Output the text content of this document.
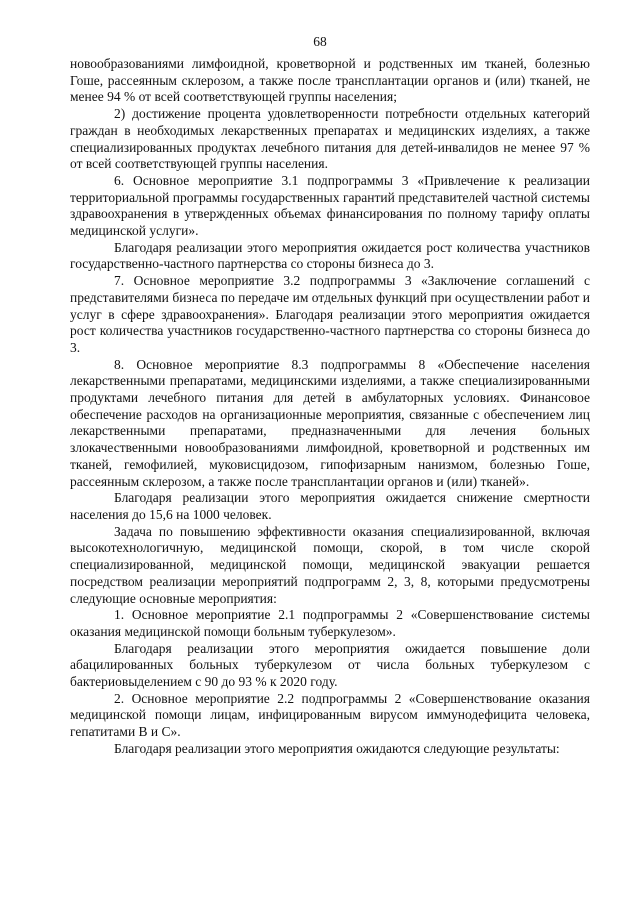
68

новообразованиями лимфоидной, кроветворной и родственных им тканей, болезнью Гоше, рассеянным склерозом, а также после трансплантации органов и (или) тканей, не менее 94 % от всей соответствующей группы населения;

2) достижение процента удовлетворенности потребности отдельных категорий граждан в необходимых лекарственных препаратах и медицинских изделиях, а также специализированных продуктах лечебного питания для детей-инвалидов не менее 97 % от всей соответствующей группы населения.

6. Основное мероприятие 3.1 подпрограммы 3 «Привлечение к реализации территориальной программы государственных гарантий представителей частной системы здравоохранения в утвержденных объемах финансирования по полному тарифу оплаты медицинской услуги».

Благодаря реализации этого мероприятия ожидается рост количества участников государственно-частного партнерства со стороны бизнеса до 3.

7. Основное мероприятие 3.2 подпрограммы 3 «Заключение соглашений с представителями бизнеса по передаче им отдельных функций при осуществлении работ и услуг в сфере здравоохранения». Благодаря реализации этого мероприятия ожидается рост количества участников государственно-частного партнерства со стороны бизнеса до 3.

8. Основное мероприятие 8.3 подпрограммы 8 «Обеспечение населения лекарственными препаратами, медицинскими изделиями, а также специализированными продуктами лечебного питания для детей в амбулаторных условиях. Финансовое обеспечение расходов на организационные мероприятия, связанные с обеспечением лиц лекарственными препаратами, предназначенными для лечения больных злокачественными новообразованиями лимфоидной, кроветворной и родственных им тканей, гемофилией, муковисцидозом, гипофизарным нанизмом, болезнью Гоше, рассеянным склерозом, а также после трансплантации органов и (или) тканей».

Благодаря реализации этого мероприятия ожидается снижение смертности населения до 15,6 на 1000 человек.

Задача по повышению эффективности оказания специализированной, включая высокотехнологичную, медицинской помощи, скорой, в том числе скорой специализированной, медицинской помощи, медицинской эвакуации решается посредством реализации мероприятий подпрограмм 2, 3, 8, которыми предусмотрены следующие основные мероприятия:

1. Основное мероприятие 2.1 подпрограммы 2 «Совершенствование системы оказания медицинской помощи больным туберкулезом».

Благодаря реализации этого мероприятия ожидается повышение доли абацилированных больных туберкулезом от числа больных туберкулезом с бактериовыделением с 90 до 93 % к 2020 году.

2. Основное мероприятие 2.2 подпрограммы 2 «Совершенствование оказания медицинской помощи лицам, инфицированным вирусом иммунодефицита человека, гепатитами В и С».

Благодаря реализации этого мероприятия ожидаются следующие результаты:
